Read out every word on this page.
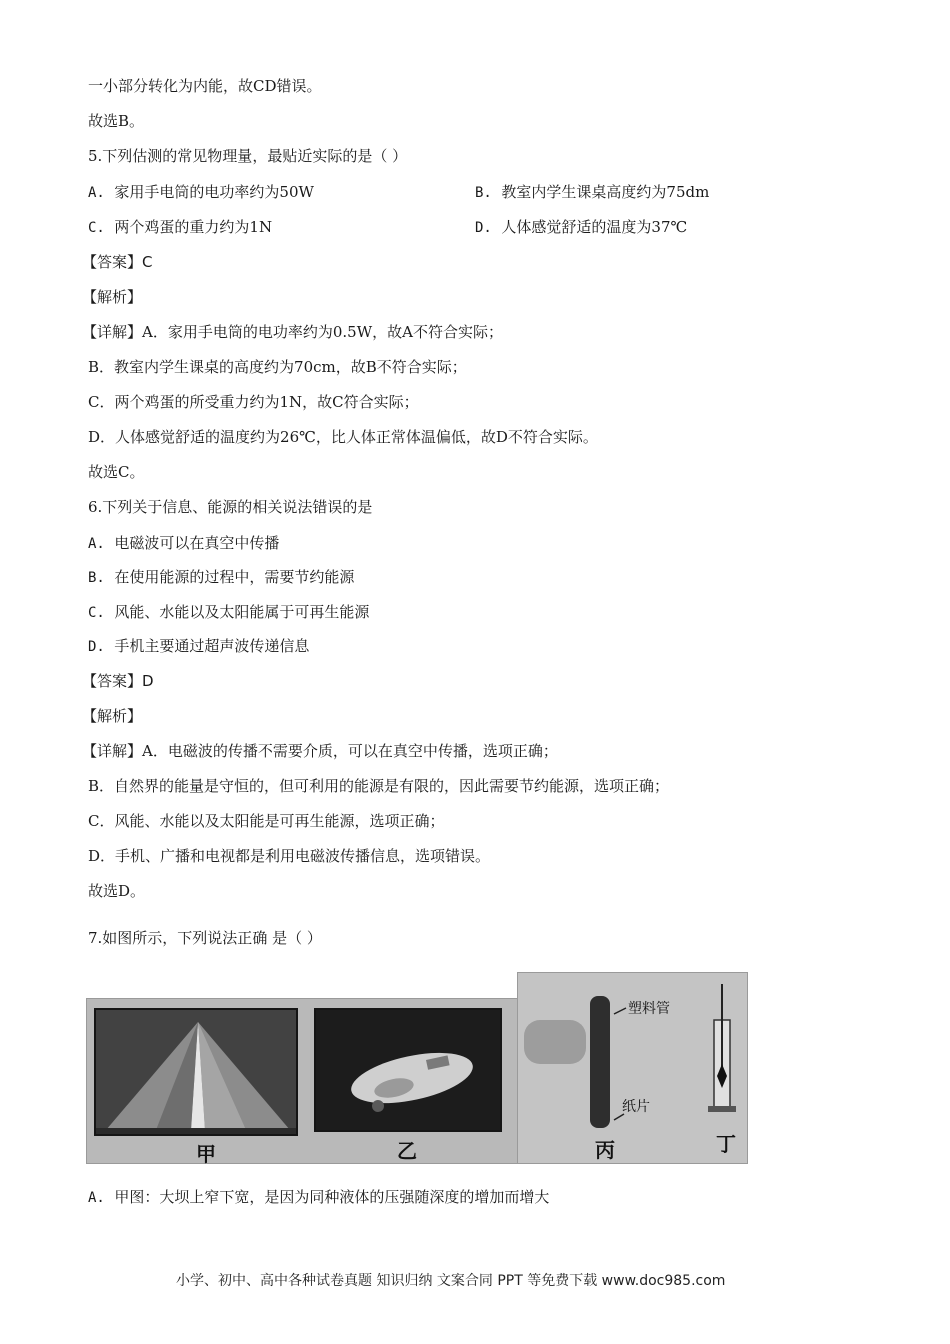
一小部分转化为内能，故CD错误。
故选B。
5.下列估测的常见物理量，最贴近实际的是（ ）
A. 家用手电筒的电功率约为50W	B. 教室内学生课桌高度约为75dm
C. 两个鸡蛋的重力约为1N	D. 人体感觉舒适的温度为37℃
【答案】C
【解析】
【详解】A．家用手电筒的电功率约为0.5W，故A不符合实际；
B．教室内学生课桌的高度约为70cm，故B不符合实际；
C．两个鸡蛋的所受重力约为1N，故C符合实际；
D．人体感觉舒适的温度约为26℃，比人体正常体温偏低，故D不符合实际。
故选C。
6.下列关于信息、能源的相关说法错误的是
A. 电磁波可以在真空中传播
B. 在使用能源的过程中，需要节约能源
C. 风能、水能以及太阳能属于可再生能源
D. 手机主要通过超声波传递信息
【答案】D
【解析】
【详解】A．电磁波的传播不需要介质，可以在真空中传播，选项正确；
B．自然界的能量是守恒的，但可利用的能源是有限的，因此需要节约能源，选项正确；
C．风能、水能以及太阳能是可再生能源，选项正确；
D．手机、广播和电视都是利用电磁波传播信息，选项错误。
故选D。
7.如图所示，下列说法正确 是（ ）
甲	乙
塑料管
纸片
丙	丁
A. 甲图：大坝上窄下宽，是因为同种液体的压强随深度的增加而增大
小学、初中、高中各种试卷真题 知识归纳 文案合同 PPT 等免费下载 www.doc985.com
